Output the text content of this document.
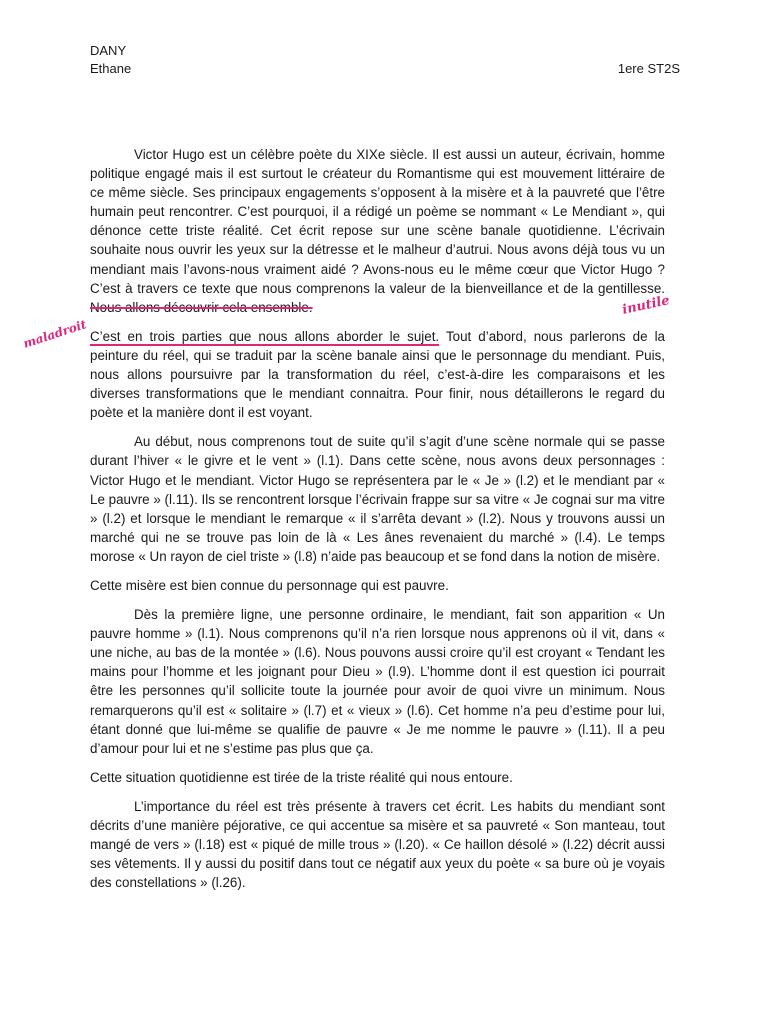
DANY
Ethane	1ere ST2S

Victor Hugo est un célèbre poète du XIXe siècle. Il est aussi un auteur, écrivain, homme politique engagé mais il est surtout le créateur du Romantisme qui est mouvement littéraire de ce même siècle. Ses principaux engagements s’opposent à la misère et à la pauvreté que l’être humain peut rencontrer. C’est pourquoi, il a rédigé un poème se nommant « Le Mendiant », qui dénonce cette triste réalité. Cet écrit repose sur une scène banale quotidienne. L’écrivain souhaite nous ouvrir les yeux sur la détresse et le malheur d’autrui. Nous avons déjà tous vu un mendiant mais l’avons-nous vraiment aidé ? Avons-nous eu le même cœur que Victor Hugo ? C’est à travers ce texte que nous comprenons la valeur de la bienveillance et de la gentillesse. Nous allons découvrir cela ensemble.

C’est en trois parties que nous allons aborder le sujet. Tout d’abord, nous parlerons de la peinture du réel, qui se traduit par la scène banale ainsi que le personnage du mendiant. Puis, nous allons poursuivre par la transformation du réel, c’est-à-dire les comparaisons et les diverses transformations que le mendiant connaitra. Pour finir, nous détaillerons le regard du poète et la manière dont il est voyant.

Au début, nous comprenons tout de suite qu’il s’agit d’une scène normale qui se passe durant l’hiver « le givre et le vent » (l.1). Dans cette scène, nous avons deux personnages : Victor Hugo et le mendiant. Victor Hugo se représentera par le « Je » (l.2) et le mendiant par « Le pauvre » (l.11). Ils se rencontrent lorsque l’écrivain frappe sur sa vitre « Je cognai sur ma vitre » (l.2) et lorsque le mendiant le remarque « il s’arrêta devant » (l.2). Nous y trouvons aussi un marché qui ne se trouve pas loin de là « Les ânes revenaient du marché » (l.4). Le temps morose « Un rayon de ciel triste » (l.8) n’aide pas beaucoup et se fond dans la notion de misère.

Cette misère est bien connue du personnage qui est pauvre.

Dès la première ligne, une personne ordinaire, le mendiant, fait son apparition « Un pauvre homme » (l.1). Nous comprenons qu’il n’a rien lorsque nous apprenons où il vit, dans « une niche, au bas de la montée » (l.6). Nous pouvons aussi croire qu’il est croyant « Tendant les mains pour l’homme et les joignant pour Dieu » (l.9). L’homme dont il est question ici pourrait être les personnes qu’il sollicite toute la journée pour avoir de quoi vivre un minimum. Nous remarquerons qu’il est « solitaire » (l.7) et « vieux » (l.6). Cet homme n’a peu d’estime pour lui, étant donné que lui-même se qualifie de pauvre « Je me nomme le pauvre » (l.11). Il a peu d’amour pour lui et ne s’estime pas plus que ça.

Cette situation quotidienne est tirée de la triste réalité qui nous entoure.

L’importance du réel est très présente à travers cet écrit. Les habits du mendiant sont décrits d’une manière péjorative, ce qui accentue sa misère et sa pauvreté « Son manteau, tout mangé de vers » (l.18) est « piqué de mille trous » (l.20). « Ce haillon désolé » (l.22) décrit aussi ses vêtements. Il y aussi du positif dans tout ce négatif aux yeux du poète « sa bure où je voyais des constellations » (l.26).

inutile
maladroit
